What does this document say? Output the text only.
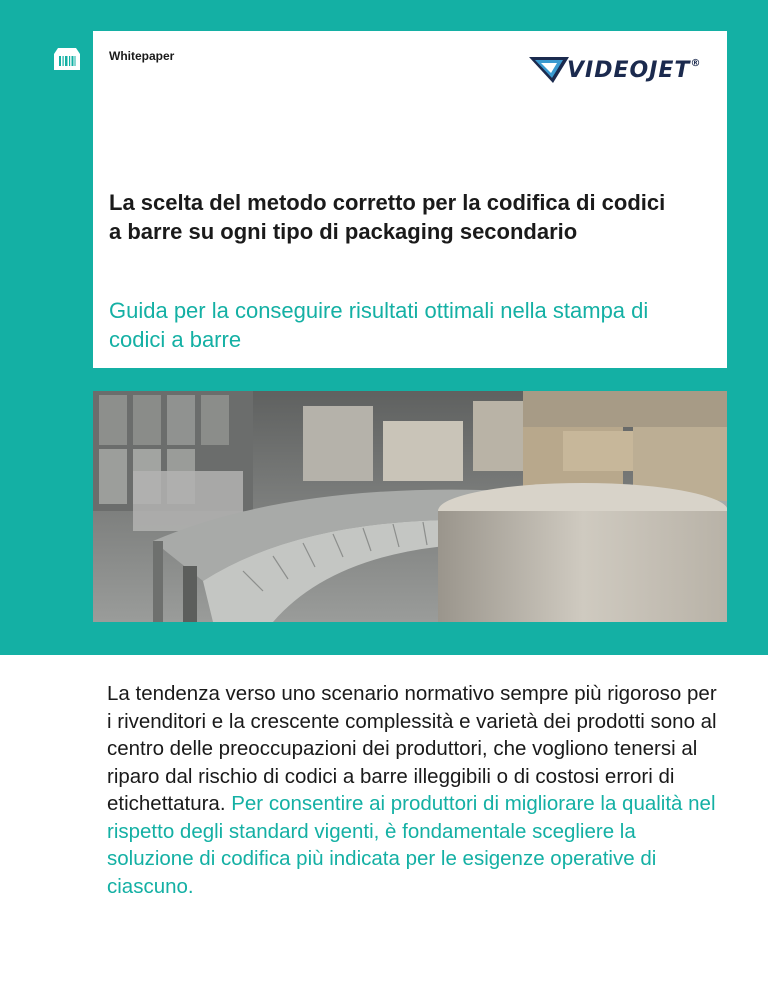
Whitepaper
VIDEOJET®
La scelta del metodo corretto per la codifica di codici a barre su ogni tipo di packaging secondario
Guida per la conseguire risultati ottimali nella stampa di codici a barre

La tendenza verso uno scenario normativo sempre più rigoroso per i rivenditori e la crescente complessità e varietà dei prodotti sono al centro delle preoccupazioni dei produttori, che vogliono tenersi al riparo dal rischio di codici a barre illeggibili o di costosi errori di etichettatura. Per consentire ai produttori di migliorare la qualità nel rispetto degli standard vigenti, è fondamentale scegliere la soluzione di codifica più indicata per le esigenze operative di ciascuno.
